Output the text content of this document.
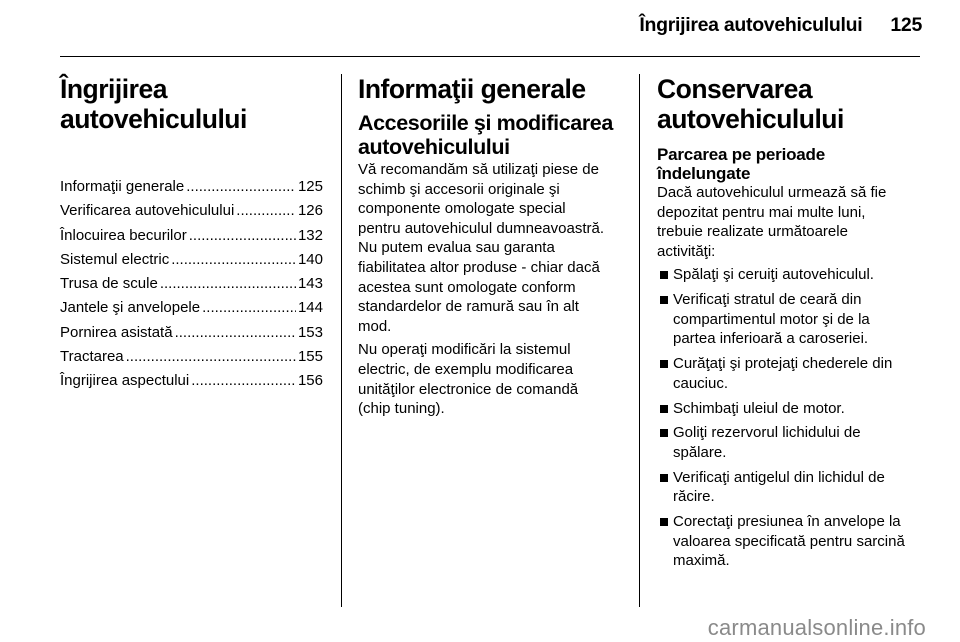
Îngrijirea autovehiculului 125
Îngrijirea
autovehiculului
Informaţii generale .....	125
Verificarea autovehiculului .....	126
Înlocuirea becurilor .....	132
Sistemul electric .....	140
Trusa de scule .....	143
Jantele şi anvelopele .....	144
Pornirea asistată .....	153
Tractarea .....	155
Îngrijirea aspectului .....	156
Informaţii generale
Accesoriile şi modificarea
autovehiculului

Vă recomandăm să utilizaţi piese de
schimb şi accesorii originale şi
componente omologate special
pentru autovehiculul dumneavoastră.
Nu putem evalua sau garanta
fiabilitatea altor produse - chiar dacă
acestea sunt omologate conform
standardelor de ramură sau în alt
mod.

Nu operaţi modificări la sistemul
electric, de exemplu modificarea
unităţilor electronice de comandă
(chip tuning).

Conservarea
autovehiculului
Parcarea pe perioade
îndelungate

Dacă autovehiculul urmează să fie
depozitat pentru mai multe luni,
trebuie realizate următoarele
activităţi:

Spălaţi şi ceruiţi autovehiculul.
Verificaţi stratul de ceară din
compartimentul motor şi de la
partea inferioară a caroseriei.
Curăţaţi şi protejaţi chederele din
cauciuc.
Schimbaţi uleiul de motor.
Goliţi rezervorul lichidului de
spălare.
Verificaţi antigelul din lichidul de
răcire.
Corectaţi presiunea în anvelope la
valoarea specificată pentru sarcină
maximă.
carmanualsonline.info
